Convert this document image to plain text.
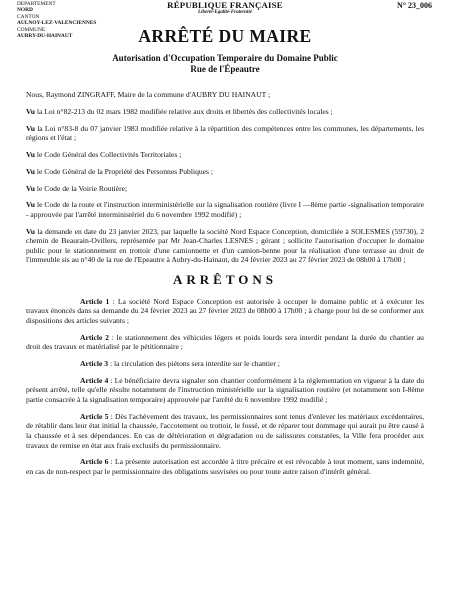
DEPARTEMENT
NORD
CANTON
AULNOY-LEZ-VALENCIENNES
COMMUNE
AUBRY-DU-HAINAUT
RÉPUBLIQUE FRANÇAISE
Liberté-Egalité-Fraternité
N° 23_006
ARRÊTÉ DU MAIRE
Autorisation d'Occupation Temporaire du Domaine Public
Rue de l'Épeautre

Nous, Raymond ZINGRAFF, Maire de la commune d'AUBRY DU HAINAUT ;

Vu la Loi n°82-213 du 02 mars 1982 modifiée relative aux droits et libertés des collectivités locales ;

Vu la Loi n°83-8 du 07 janvier 1983 modifiée relative à la répartition des compétences entre les communes, les départements, les régions et l'état ;

Vu le Code Général des Collectivités Territoriales ;

Vu le Code Général de la Propriété des Personnes Publiques ;

Vu le Code de la Voirie Routière;

Vu le Code de la route et l'instruction interministérielle sur la signalisation routière (livre I —8ème partie -signalisation temporaire - approuvée par l'arrêté interministériel du 6 novembre 1992 modifié) ;

Vu la demande en date du 23 janvier 2023, par laquelle la société Nord Espace Conception, domiciliée à SOLESMES (59730), 2 chemin de Beaurain-Ovillers, représentée par Mr Jean-Charles LESNES ; gérant ; sollicite l'autorisation d'occuper le domaine public pour le stationnement en trottoir d'une camionnette et d'un camion-benne pour la réalisation d'une terrasse au droit de l'immeuble sis au n°40 de la rue de l'Epeautre à Aubry-du-Hainaut, du 24 février 2023 au 27 février 2023 de 08h00 à 17h00 ;

ARRÊTONS

Article 1 : La société Nord Espace Conception est autorisée à occuper le domaine public et à exécuter les travaux énoncés dans sa demande du 24 février 2023 au 27 février 2023 de 08h00 à 17h00 ; à charge pour lui de se conformer aux dispositions des articles suivants ;

Article 2 : le stationnement des véhicules légers et poids lourds sera interdit pendant la durée du chantier au droit des travaux et matérialisé par le pétitionnaire ;

Article 3 : la circulation des piétons sera interdite sur le chantier ;

Article 4 : Le bénéficiaire devra signaler son chantier conformément à la réglementation en vigueur à la date du présent arrêté, telle qu'elle résulte notamment de l'instruction ministérielle sur la signalisation routière (et notamment son I-8ème partie consacrée à la signalisation temporaire) approuvée par l'arrêté du 6 novembre 1992 modifié ;

Article 5 : Dès l'achèvement des travaux, les permissionnaires sont tenus d'enlever les matériaux excédentaires, de rétablir dans leur état initial la chaussée, l'accotement ou trottoir, le fossé, et de réparer tout dommage qui aurait pu être causé à la chaussée et à ses dépendances. En cas de détérioration et dégradation ou de salissures constatées, la Ville fera procéder aux travaux de remise en état aux frais exclusifs du permissionnaire.

Article 6 : La présente autorisation est accordée à titre précaire et est révocable à tout moment, sans indemnité, en cas de non-respect par le permissionnaire des obligations susvisées ou pour toute autre raison d'intérêt général.
